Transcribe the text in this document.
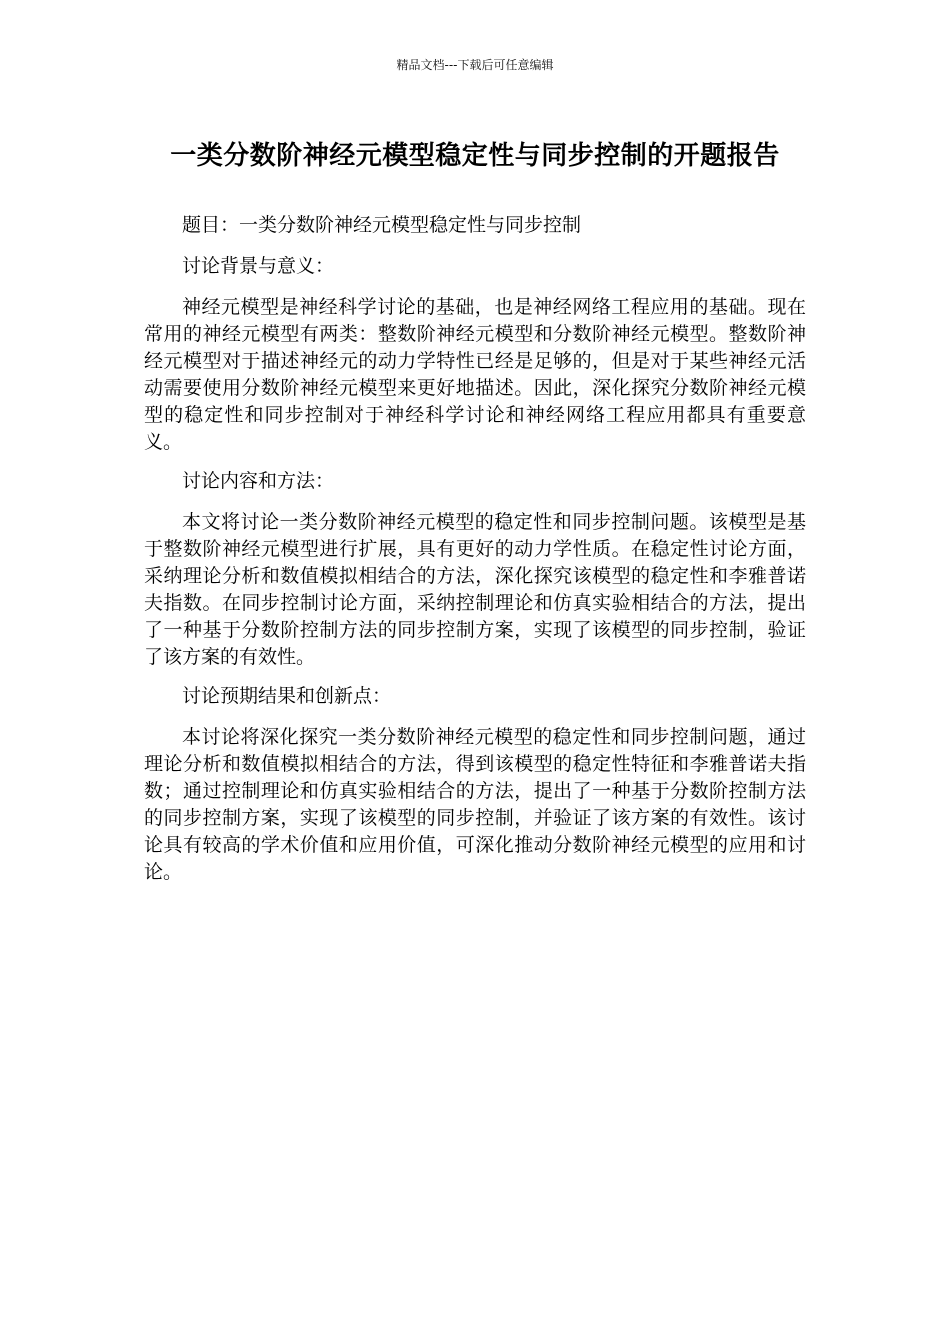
精品文档---下载后可任意编辑
一类分数阶神经元模型稳定性与同步控制的开题报告

题目：一类分数阶神经元模型稳定性与同步控制

讨论背景与意义：

神经元模型是神经科学讨论的基础，也是神经网络工程应用的基础。现在常用的神经元模型有两类：整数阶神经元模型和分数阶神经元模型。整数阶神经元模型对于描述神经元的动力学特性已经是足够的，但是对于某些神经元活动需要使用分数阶神经元模型来更好地描述。因此，深化探究分数阶神经元模型的稳定性和同步控制对于神经科学讨论和神经网络工程应用都具有重要意义。

讨论内容和方法：

本文将讨论一类分数阶神经元模型的稳定性和同步控制问题。该模型是基于整数阶神经元模型进行扩展，具有更好的动力学性质。在稳定性讨论方面，采纳理论分析和数值模拟相结合的方法，深化探究该模型的稳定性和李雅普诺夫指数。在同步控制讨论方面，采纳控制理论和仿真实验相结合的方法，提出了一种基于分数阶控制方法的同步控制方案，实现了该模型的同步控制，验证了该方案的有效性。

讨论预期结果和创新点：

本讨论将深化探究一类分数阶神经元模型的稳定性和同步控制问题，通过理论分析和数值模拟相结合的方法，得到该模型的稳定性特征和李雅普诺夫指数；通过控制理论和仿真实验相结合的方法，提出了一种基于分数阶控制方法的同步控制方案，实现了该模型的同步控制，并验证了该方案的有效性。该讨论具有较高的学术价值和应用价值，可深化推动分数阶神经元模型的应用和讨论。
